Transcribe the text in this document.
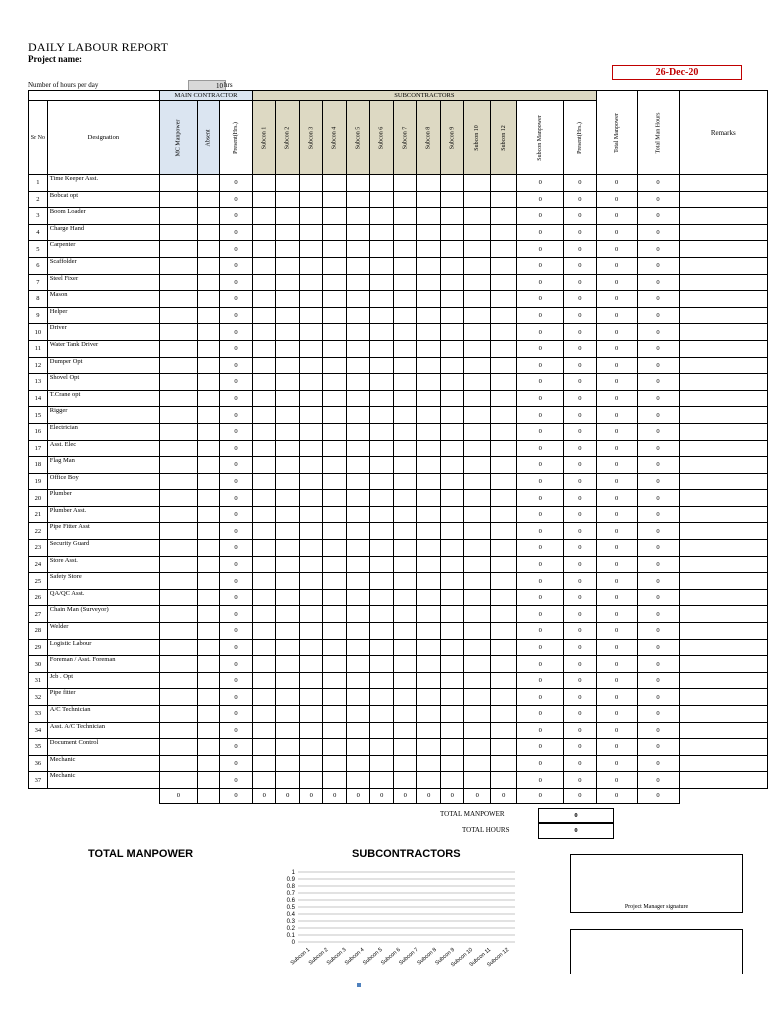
DAILY LABOUR REPORT
Project name:
26-Dec-20
Number of hours per day	10 hrs
		MAIN CONTRACTOR			SUBCONTRACTORS													Total Manpower	Total Man Hours	Remarks
Sr No	Designation	MC Manpower	Absent	Present(Hrs.)	Subcon 1	Subcon 2	Subcon 3	Subcon 4	Subcon 5	Subcon 6	Subcon 7	Subcon 8	Subcon 9	Subcon 10	Subcon 12	Subcon Manpower	Present(Hrs.)			

1	Time Keeper Asst.			0												0	0	0	0	
2	Bobcat opt			0												0	0	0	0	
3	Boom Loader			0												0	0	0	0	
4	Charge Hand			0												0	0	0	0	
5	Carpenter			0												0	0	0	0	
6	Scaffolder			0												0	0	0	0	
7	Steel Fixer			0												0	0	0	0	
8	Mason			0												0	0	0	0	
9	Helper			0												0	0	0	0	
10	Driver			0												0	0	0	0	
11	Water Tank Driver			0												0	0	0	0	
12	Dumper Opt			0												0	0	0	0	
13	Shovel Opt			0												0	0	0	0	
14	T.Crane opt			0												0	0	0	0	
15	Rigger			0												0	0	0	0	
16	Electrician			0												0	0	0	0	
17	Asst. Elec			0												0	0	0	0	
18	Flag Man			0												0	0	0	0	
19	Office Boy			0												0	0	0	0	
20	Plumber			0												0	0	0	0	
21	Plumber Asst.			0												0	0	0	0	
22	Pipe Fitter Asst			0												0	0	0	0	
23	Security Guard			0												0	0	0	0	
24	Store Asst.			0												0	0	0	0	
25	Safety Store			0												0	0	0	0	
26	QA/QC Asst.			0												0	0	0	0	
27	Chain Man (Surveyor)			0												0	0	0	0	
28	Welder			0												0	0	0	0	
29	Logistic Labour			0												0	0	0	0	
30	Foreman / Asst. Foreman			0												0	0	0	0	
31	Jcb . Opt			0												0	0	0	0	
32	Pipe fitter			0												0	0	0	0	
33	A/C Technician			0												0	0	0	0	
34	Asst. A/C Technician			0												0	0	0	0	
35	Document Control			0												0	0	0	0	
36	Mechanic			0												0	0	0	0	
37	Mechanic			0												0	0	0	0	
		0		0	0	0	0	0	0	0	0	0	0	0	0	0	0	0	0	
TOTAL MANPOWER	0
TOTAL HOURS	0
TOTAL MANPOWER	SUBCONTRACTORS
0
0.1
0.2
0.3
0.4
0.5
0.6
0.7
0.8
0.9
1
Subcon 1
Subcon 2
Subcon 3
Subcon 4
Subcon 5
Subcon 6
Subcon 7
Subcon 8
Subcon 9
Subcon 10
Subcon 11
Subcon 12
Project Manager signature
